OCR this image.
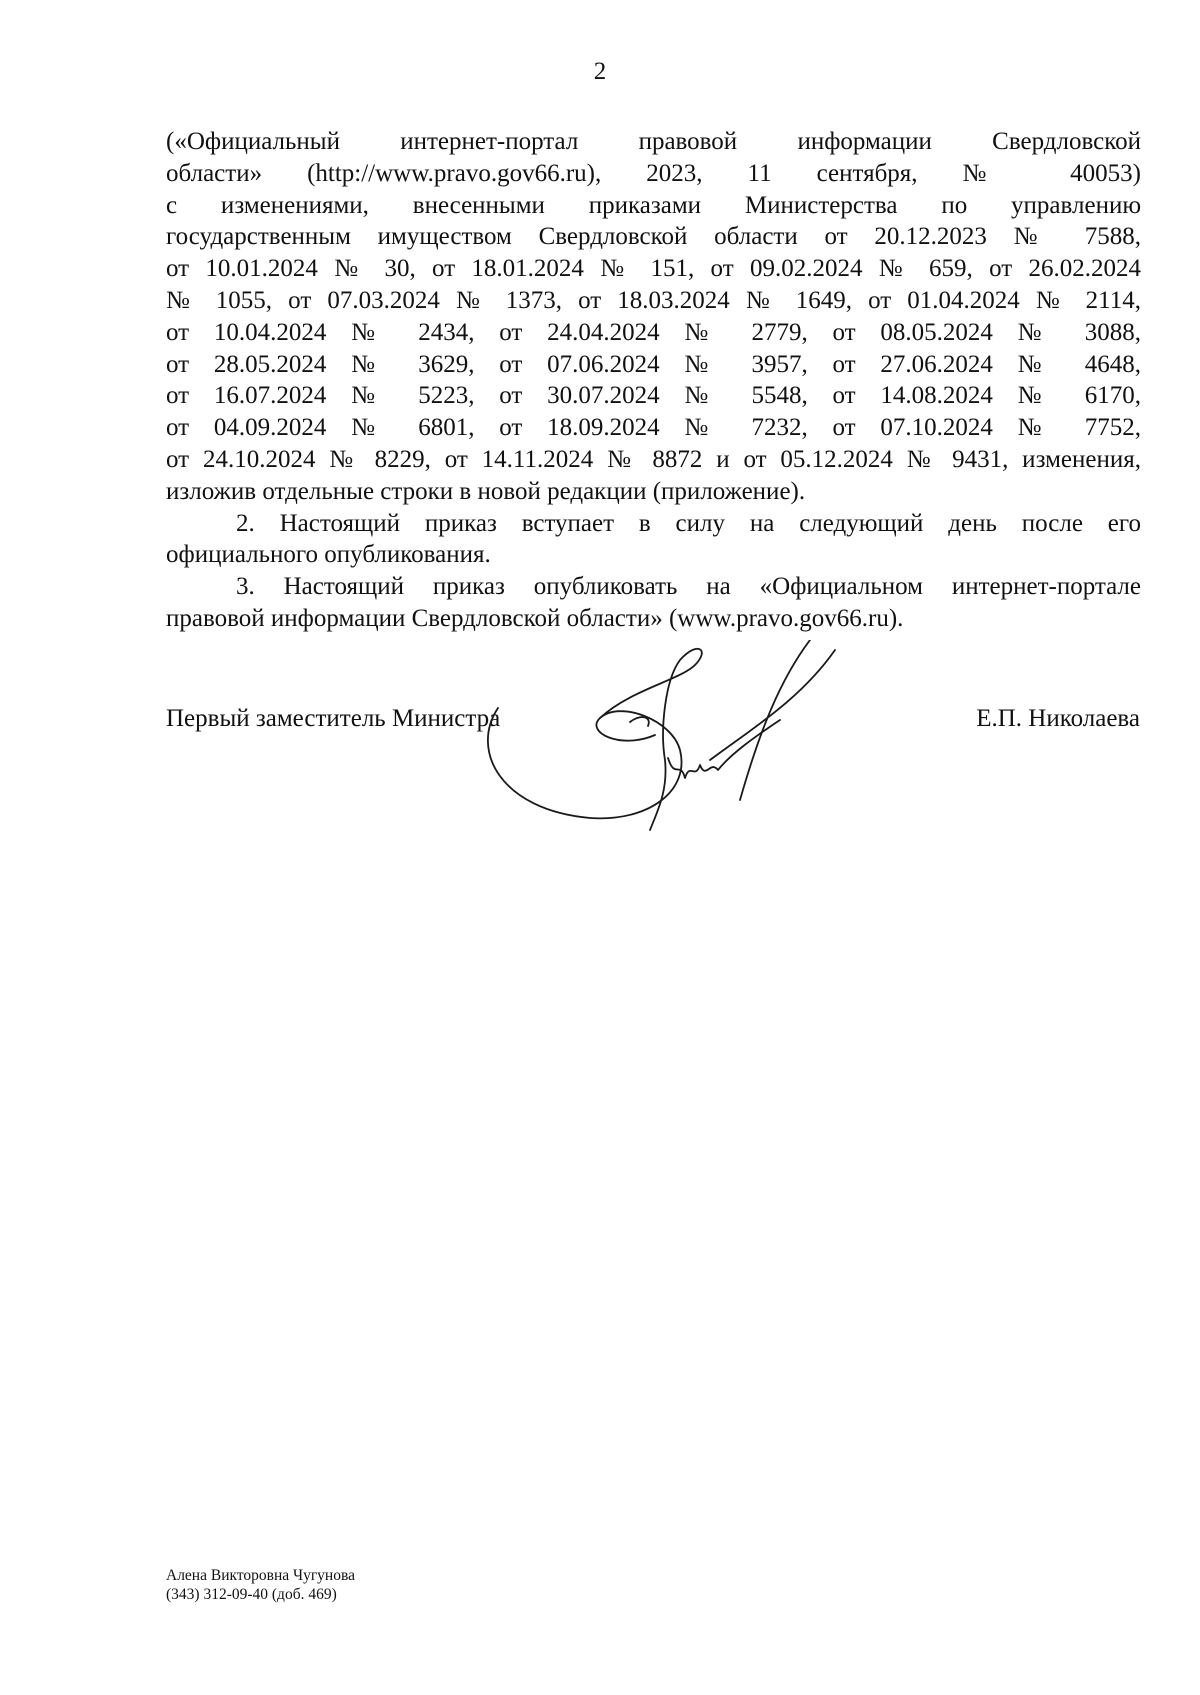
2
(«Официальный интернет-портал правовой информации Свердловской
области» (http://www.pravo.gov66.ru), 2023, 11 сентября, № 40053)
с изменениями, внесенными приказами Министерства по управлению
государственным имуществом Свердловской области от 20.12.2023 № 7588,
от 10.01.2024 № 30, от 18.01.2024 № 151, от 09.02.2024 № 659, от 26.02.2024
№ 1055, от 07.03.2024 № 1373, от 18.03.2024 № 1649, от 01.04.2024 № 2114,
от 10.04.2024 № 2434, от 24.04.2024 № 2779, от 08.05.2024 № 3088,
от 28.05.2024 № 3629, от 07.06.2024 № 3957, от 27.06.2024 № 4648,
от 16.07.2024 № 5223, от 30.07.2024 № 5548, от 14.08.2024 № 6170,
от 04.09.2024 № 6801, от 18.09.2024 № 7232, от 07.10.2024 № 7752,
от 24.10.2024 № 8229, от 14.11.2024 № 8872 и от 05.12.2024 № 9431, изменения,
изложив отдельные строки в новой редакции (приложение).
2. Настоящий приказ вступает в силу на следующий день после его
официального опубликования.
3. Настоящий приказ опубликовать на «Официальном интернет-портале
правовой информации Свердловской области» (www.pravo.gov66.ru).
Первый заместитель Министра	Е.П. Николаева
Алена Викторовна Чугунова
(343) 312-09-40 (доб. 469)
